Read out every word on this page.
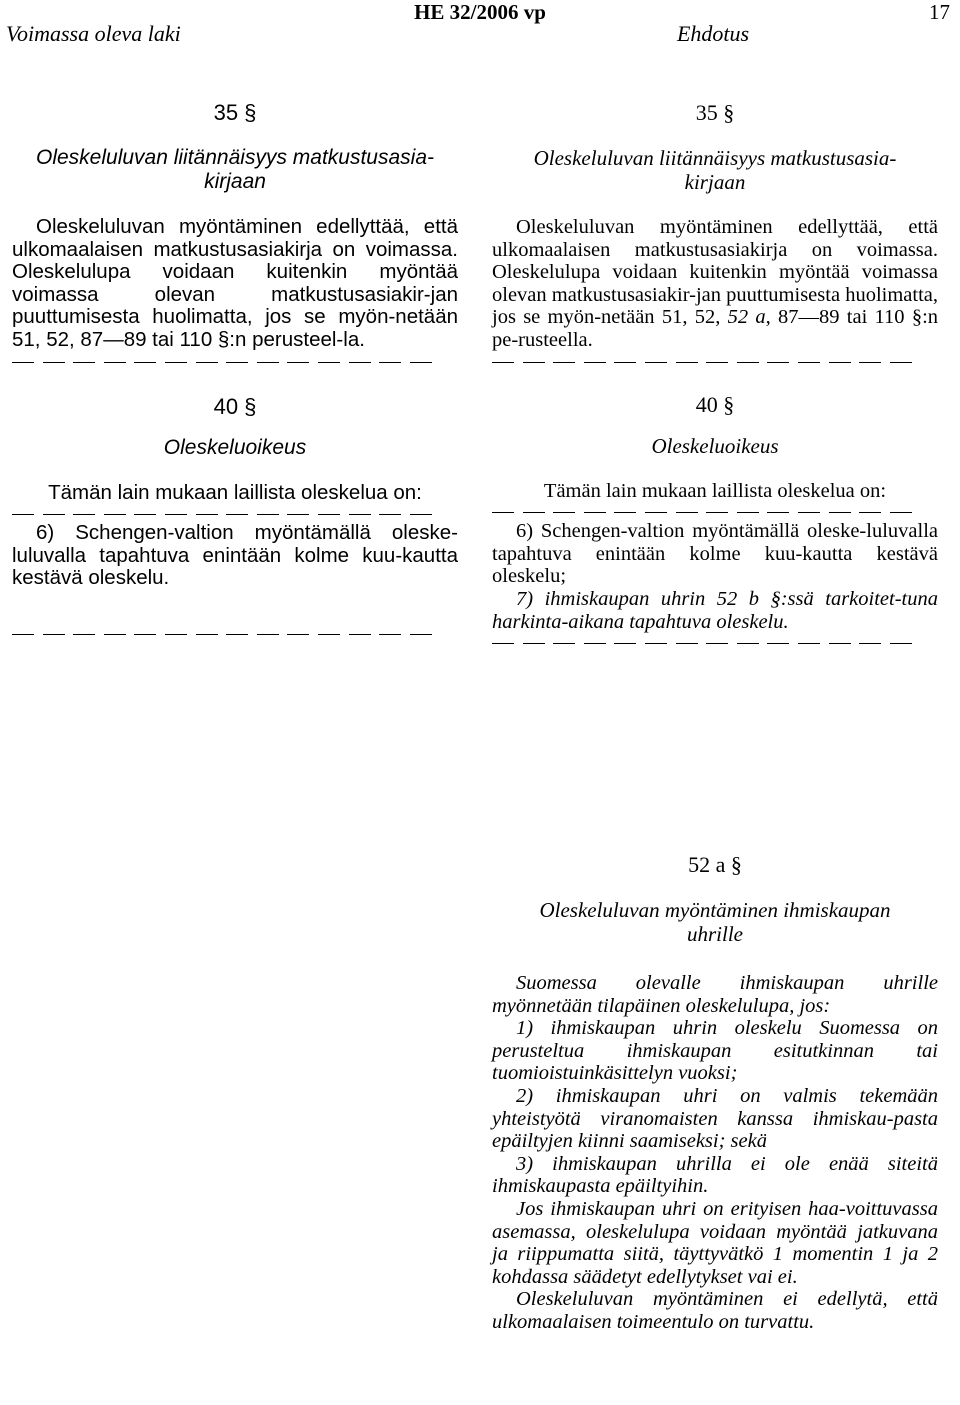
HE 32/2006 vp	17
Voimassa oleva laki	Ehdotus
35 §
Oleskeluluvan liitännäisyys matkustusasia-
kirjaan

Oleskeluluvan myöntäminen edellyttää, että ulkomaalaisen matkustusasiakirja on voimassa. Oleskelulupa voidaan kuitenkin myöntää voimassa olevan matkustusasiakir-jan puuttumisesta huolimatta, jos se myön-netään 51, 52, 87—89 tai 110 §:n perusteel-la.

40 §
Oleskeluoikeus

Tämän lain mukaan laillista oleskelua on:

6) Schengen-valtion myöntämällä oleske-luluvalla tapahtuva enintään kolme kuu-kautta kestävä oleskelu.

35 §
Oleskeluluvan liitännäisyys matkustusasia-
kirjaan

Oleskeluluvan myöntäminen edellyttää, että ulkomaalaisen matkustusasiakirja on voimassa. Oleskelulupa voidaan kuitenkin myöntää voimassa olevan matkustusasiakir-jan puuttumisesta huolimatta, jos se myön-netään 51, 52, 52 a, 87—89 tai 110 §:n pe-rusteella.

40 §
Oleskeluoikeus

Tämän lain mukaan laillista oleskelua on:

6) Schengen-valtion myöntämällä oleske-luluvalla tapahtuva enintään kolme kuu-kautta kestävä oleskelu;

7) ihmiskaupan uhrin 52 b §:ssä tarkoitet-tuna harkinta-aikana tapahtuva oleskelu.

52 a §
Oleskeluluvan myöntäminen ihmiskaupan
uhrille

Suomessa olevalle ihmiskaupan uhrille myönnetään tilapäinen oleskelulupa, jos:

1) ihmiskaupan uhrin oleskelu Suomessa on perusteltua ihmiskaupan esitutkinnan tai tuomioistuinkäsittelyn vuoksi;

2) ihmiskaupan uhri on valmis tekemään yhteistyötä viranomaisten kanssa ihmiskau-pasta epäiltyjen kiinni saamiseksi; sekä

3) ihmiskaupan uhrilla ei ole enää siteitä ihmiskaupasta epäiltyihin.

Jos ihmiskaupan uhri on erityisen haa-voittuvassa asemassa, oleskelulupa voidaan myöntää jatkuvana ja riippumatta siitä, täyttyvätkö 1 momentin 1 ja 2 kohdassa säädetyt edellytykset vai ei.

Oleskeluluvan myöntäminen ei edellytä, että ulkomaalaisen toimeentulo on turvattu.
